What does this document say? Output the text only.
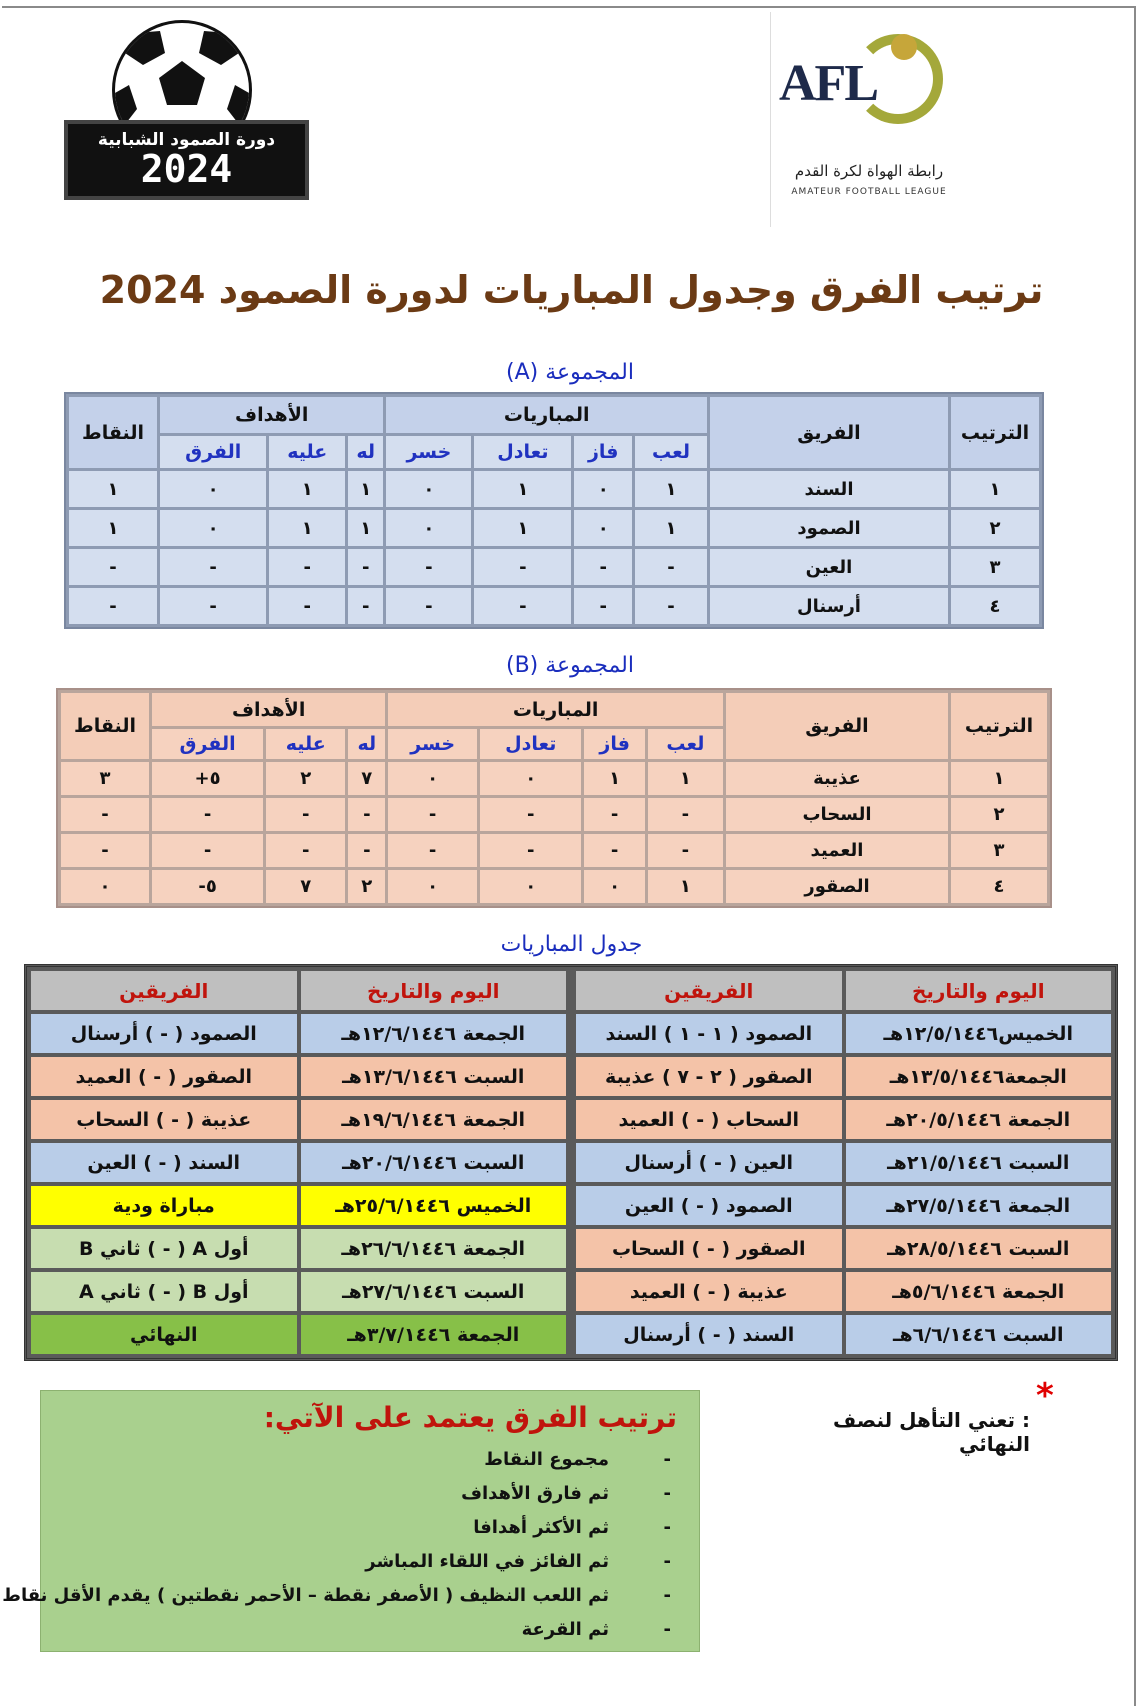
دورة الصمود الشبابية
2024
AFL
رابطة الهواة لكرة القدم
AMATEUR FOOTBALL LEAGUE
ترتيب الفرق وجدول المباريات لدورة الصمود 2024
المجموعة (A)
الترتيب	الفريق	المباريات				الأهداف			النقاط
		لعب	فاز	تعادل	خسر	له	عليه	الفرق	
١	السند	١	٠	١	٠	١	١	٠	١
٢	الصمود	١	٠	١	٠	١	١	٠	١
٣	العين	-	-	-	-	-	-	-	-
٤	أرسنال	-	-	-	-	-	-	-	-
المجموعة (B)
الترتيب	الفريق	المباريات				الأهداف			النقاط
		لعب	فاز	تعادل	خسر	له	عليه	الفرق	
١	عذيبة	١	١	٠	٠	٧	٢	٥+	٣
٢	السحاب	-	-	-	-	-	-	-	-
٣	العميد	-	-	-	-	-	-	-	-
٤	الصقور	١	٠	٠	٠	٢	٧	٥-	٠
جدول المباريات
اليوم والتاريخ	الفريقين		اليوم والتاريخ	الفريقين
الخميس١٢/٥/١٤٤٦هـ	الصمود ( ١ - ١ ) السند		الجمعة ١٢/٦/١٤٤٦هـ	الصمود ( - ) أرسنال
الجمعة١٣/٥/١٤٤٦هـ	الصقور ( ٢ - ٧ ) عذيبة		السبت ١٣/٦/١٤٤٦هـ	الصقور ( - ) العميد
الجمعة ٢٠/٥/١٤٤٦هـ	السحاب ( - ) العميد		الجمعة ١٩/٦/١٤٤٦هـ	عذيبة ( - ) السحاب
السبت ٢١/٥/١٤٤٦هـ	العين ( - ) أرسنال		السبت ٢٠/٦/١٤٤٦هـ	السند ( - ) العين
الجمعة ٢٧/٥/١٤٤٦هـ	الصمود ( - ) العين		الخميس ٢٥/٦/١٤٤٦هـ	مباراة ودية
السبت ٢٨/٥/١٤٤٦هـ	الصقور ( - ) السحاب		الجمعة ٢٦/٦/١٤٤٦هـ	أول A ( - ) ثاني B
الجمعة ٥/٦/١٤٤٦هـ	عذيبة ( - ) العميد		السبت ٢٧/٦/١٤٤٦هـ	أول B ( - ) ثاني A
السبت ٦/٦/١٤٤٦هـ	السند ( - ) أرسنال		الجمعة ٣/٧/١٤٤٦هـ	النهائي
*
: تعني التأهل لنصف النهائي
ترتيب الفرق يعتمد على الآتي:
-مجموع النقاط
-ثم فارق الأهداف
-ثم الأكثر أهدافا
-ثم الفائز في اللقاء المباشر
-ثم اللعب النظيف ( الأصفر نقطة – الأحمر نقطتين ) يقدم الأقل نقاط
-ثم القرعة
